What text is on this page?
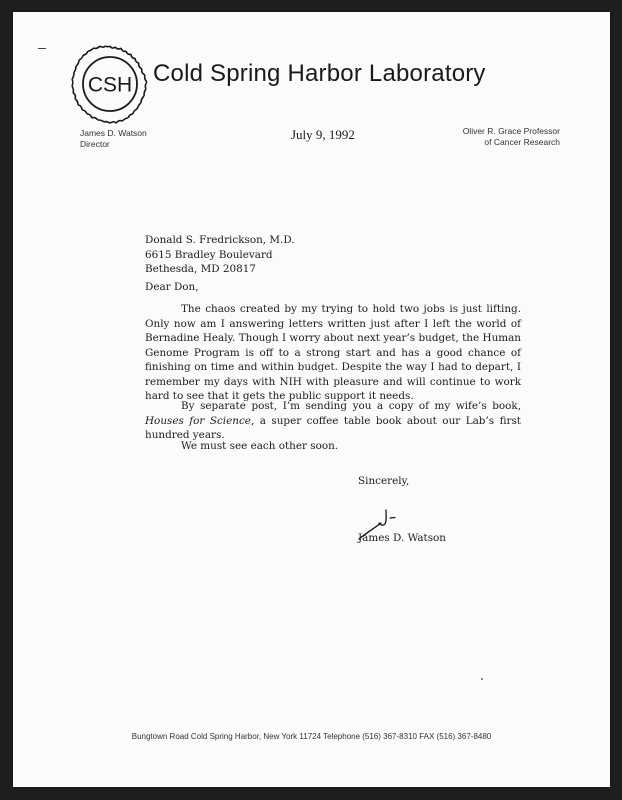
CSH Cold Spring Harbor Laboratory
James D. Watson
Director
July 9, 1992	Oliver R. Grace Professor
of Cancer Research
Donald S. Fredrickson, M.D.
6615 Bradley Boulevard
Bethesda, MD 20817
Dear Don,
The chaos created by my trying to hold two jobs is just lifting. Only now am I answering letters written just after I left the world of Bernadine Healy. Though I worry about next year’s budget, the Human Genome Program is off to a strong start and has a good chance of finishing on time and within budget. Despite the way I had to depart, I remember my days with NIH with pleasure and will continue to work hard to see that it gets the public support it needs.
By separate post, I’m sending you a copy of my wife’s book, Houses for Science, a super coffee table book about our Lab’s first hundred years.
We must see each other soon.
Sincerely,
James D. Watson
Bungtown Road Cold Spring Harbor, New York 11724 Telephone (516) 367-8310 FAX (516) 367-8480
